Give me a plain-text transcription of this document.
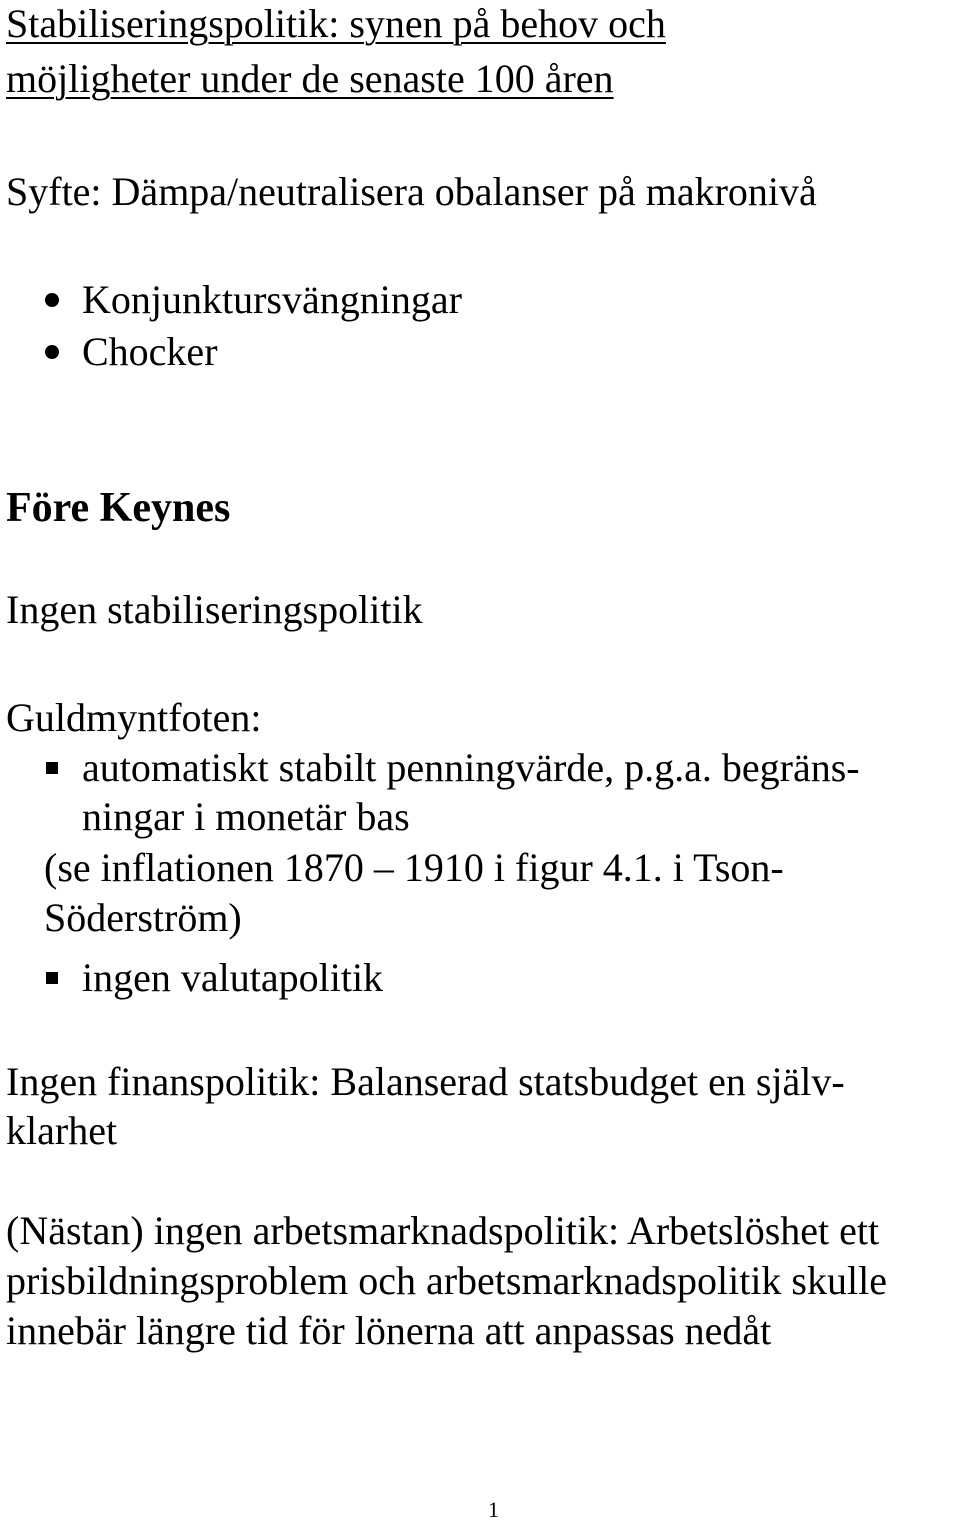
Stabiliseringspolitik: synen på behov och
möjligheter under de senaste 100 åren
Syfte: Dämpa/neutralisera obalanser på makronivå
Konjunktursvängningar
Chocker
Före Keynes
Ingen stabiliseringspolitik
Guldmyntfoten:
automatiskt stabilt penningvärde, p.g.a. begräns-
ningar i monetär bas
(se inflationen 1870 – 1910 i figur 4.1. i Tson-
Söderström)
ingen valutapolitik
Ingen finanspolitik: Balanserad statsbudget en själv-
klarhet
(Nästan) ingen arbetsmarknadspolitik: Arbetslöshet ett
prisbildningsproblem och arbetsmarknadspolitik skulle
innebär längre tid för lönerna att anpassas nedåt
1
